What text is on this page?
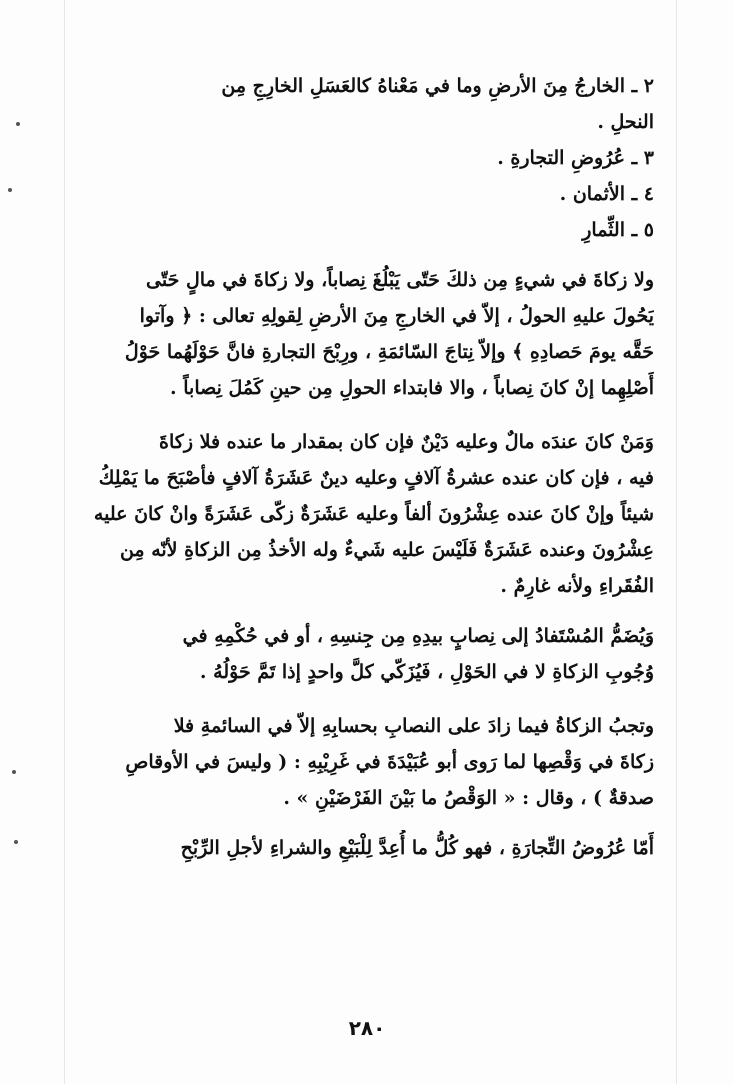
٢ ـ الخارجُ مِنَ الأرضِ وما في مَعْناهُ كالعَسَلِ الخارِجِ مِن
النحلِ .
٣ ـ عُرُوضِ التجارةِ .
٤ ـ الأثمان .
٥ ـ الثِّمارِ
ولا زكاةَ في شيءٍ مِن ذلكَ حَتّى يَبْلُغَ نِصاباً، ولا زكاةَ في مالٍ حَتّى
يَحُولَ عليهِ الحولُ ، إلاّ في الخارجِ مِنَ الأرضِ لِقولِهِ تعالى : ﴿ وآتوا
حَقَّه يومَ حَصادِهِ ﴾ وإلاّ نِتاجَ السّائمَةِ ، ورِبْحَ التجارةِ فانَّ حَوْلَهُما حَوْلُ
أَصْلِهِما إنْ كانَ نِصاباً ، والا فابتداء الحولِ مِن حينِ كَمُلَ نِصاباً .
وَمَنْ كانَ عندَه مالٌ وعليه دَيْنٌ فإن كان بمقدار ما عنده فلا زكاةَ
فيه ، فإن كان عنده عشرةُ آلافٍ وعليه دينٌ عَشَرَةُ آلافٍ فأصْبَحَ ما يَمْلِكُ
شيئاً وإنْ كانَ عنده عِشْرُونَ ألفاً وعليه عَشَرَةٌ زكّى عَشَرَةً وانْ كانَ عليه
عِشْرُونَ وعنده عَشَرَةٌ فَلَيْسَ عليه شَيءٌ وله الأخذُ مِن الزكاةِ لأنّه مِن
الفُقَراءِ ولأنه غارِمٌ .
وَيُضَمُّ المُسْتَفادُ إلى نِصابٍ بيدِهِ مِن جِنسِهِ ، أو في حُكْمِهِ في
وُجُوبِ الزكاةِ لا في الحَوْلِ ، فَيُزَكّي كلَّ واحدٍ إذا تَمَّ حَوْلُهُ .
وتجبُ الزكاةُ فيما زادَ على النصابِ بحسابِهِ إلاّ في السائمةِ فلا
زكاةَ في وَقْصِها لما رَوى أبو عُبَيْدَةَ في غَرِيْبِهِ : ( وليسَ في الأوقاصِ
صدقةٌ ) ، وقال : « الوَقْصُ ما بَيْنَ الفَرْضَيْنِ » .
أَمّا عُرُوضُ التِّجارَةِ ، فهو كُلُّ ما أُعِدَّ لِلْبَيْعِ والشراءِ لأجلِ الرِّبْحِ
٢٨٠
